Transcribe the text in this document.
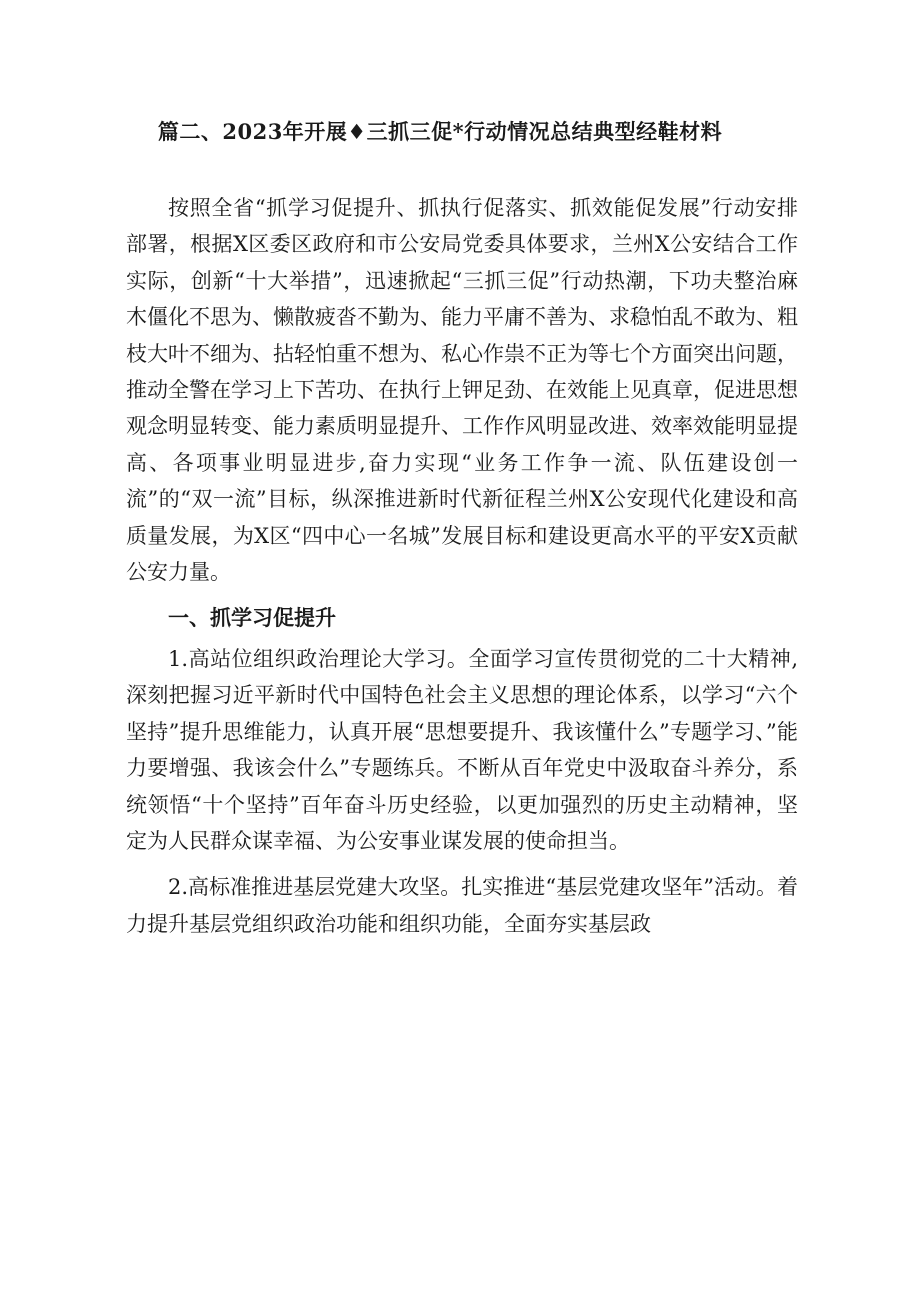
篇二、2023年开展♦三抓三促*行动情况总结典型经鞋材料

按照全省“抓学习促提升、抓执行促落实、抓效能促发展”行动安排部署，根据X区委区政府和市公安局党委具体要求，兰州X公安结合工作实际，创新“十大举措”，迅速掀起“三抓三促”行动热潮，下功夫整治麻木僵化不思为、懒散疲沓不勤为、能力平庸不善为、求稳怕乱不敢为、粗枝大叶不细为、拈轻怕重不想为、私心作祟不正为等七个方面突出问题，推动全警在学习上下苦功、在执行上钾足劲、在效能上见真章，促进思想观念明显转变、能力素质明显提升、工作作风明显改进、效率效能明显提高、各项事业明显进步,奋力实现“业务工作争一流、队伍建设创一流”的“双一流”目标，纵深推进新时代新征程兰州X公安现代化建设和高质量发展，为X区“四中心一名城”发展目标和建设更高水平的平安X贡献公安力量。

一、抓学习促提升

1.高站位组织政治理论大学习。全面学习宣传贯彻党的二十大精神,深刻把握习近平新时代中国特色社会主义思想的理论体系，以学习“六个坚持”提升思维能力，认真开展“思想要提升、我该懂什么”专题学习、”能力要增强、我该会什么”专题练兵。不断从百年党史中汲取奋斗养分，系统领悟“十个坚持”百年奋斗历史经验，以更加强烈的历史主动精神，坚定为人民群众谋幸福、为公安事业谋发展的使命担当。

2.高标准推进基层党建大攻坚。扎实推进“基层党建攻坚年”活动。着力提升基层党组织政治功能和组织功能，全面夯实基层政
